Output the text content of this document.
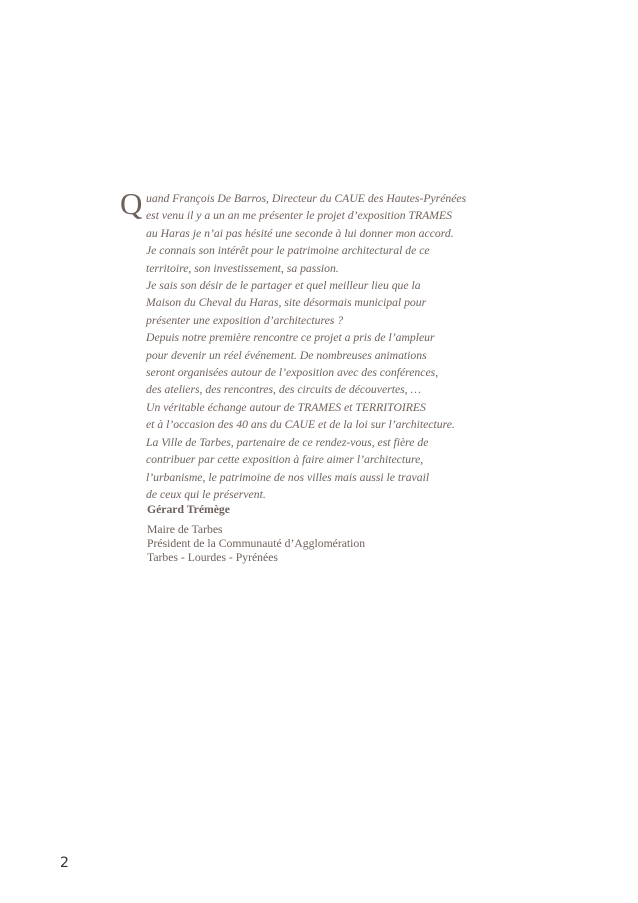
Q uand François De Barros, Directeur du CAUE des Hautes-Pyrénées
est venu il y a un an me présenter le projet d’exposition TRAMES
au Haras je n’ai pas hésité une seconde à lui donner mon accord.
Je connais son intérêt pour le patrimoine architectural de ce
territoire, son investissement, sa passion.
Je sais son désir de le partager et quel meilleur lieu que la
Maison du Cheval du Haras, site désormais municipal pour
présenter une exposition d’architectures ?
Depuis notre première rencontre ce projet a pris de l’ampleur
pour devenir un réel événement. De nombreuses animations
seront organisées autour de l’exposition avec des conférences,
des ateliers, des rencontres, des circuits de découvertes, …
Un véritable échange autour de TRAMES et TERRITOIRES
et à l’occasion des 40 ans du CAUE et de la loi sur l’architecture.
La Ville de Tarbes, partenaire de ce rendez-vous, est fière de
contribuer par cette exposition à faire aimer l’architecture,
l’urbanisme, le patrimoine de nos villes mais aussi le travail
de ceux qui le préservent.
Gérard Trémège
Maire de Tarbes
Président de la Communauté d’Agglomération
Tarbes - Lourdes - Pyrénées
2
